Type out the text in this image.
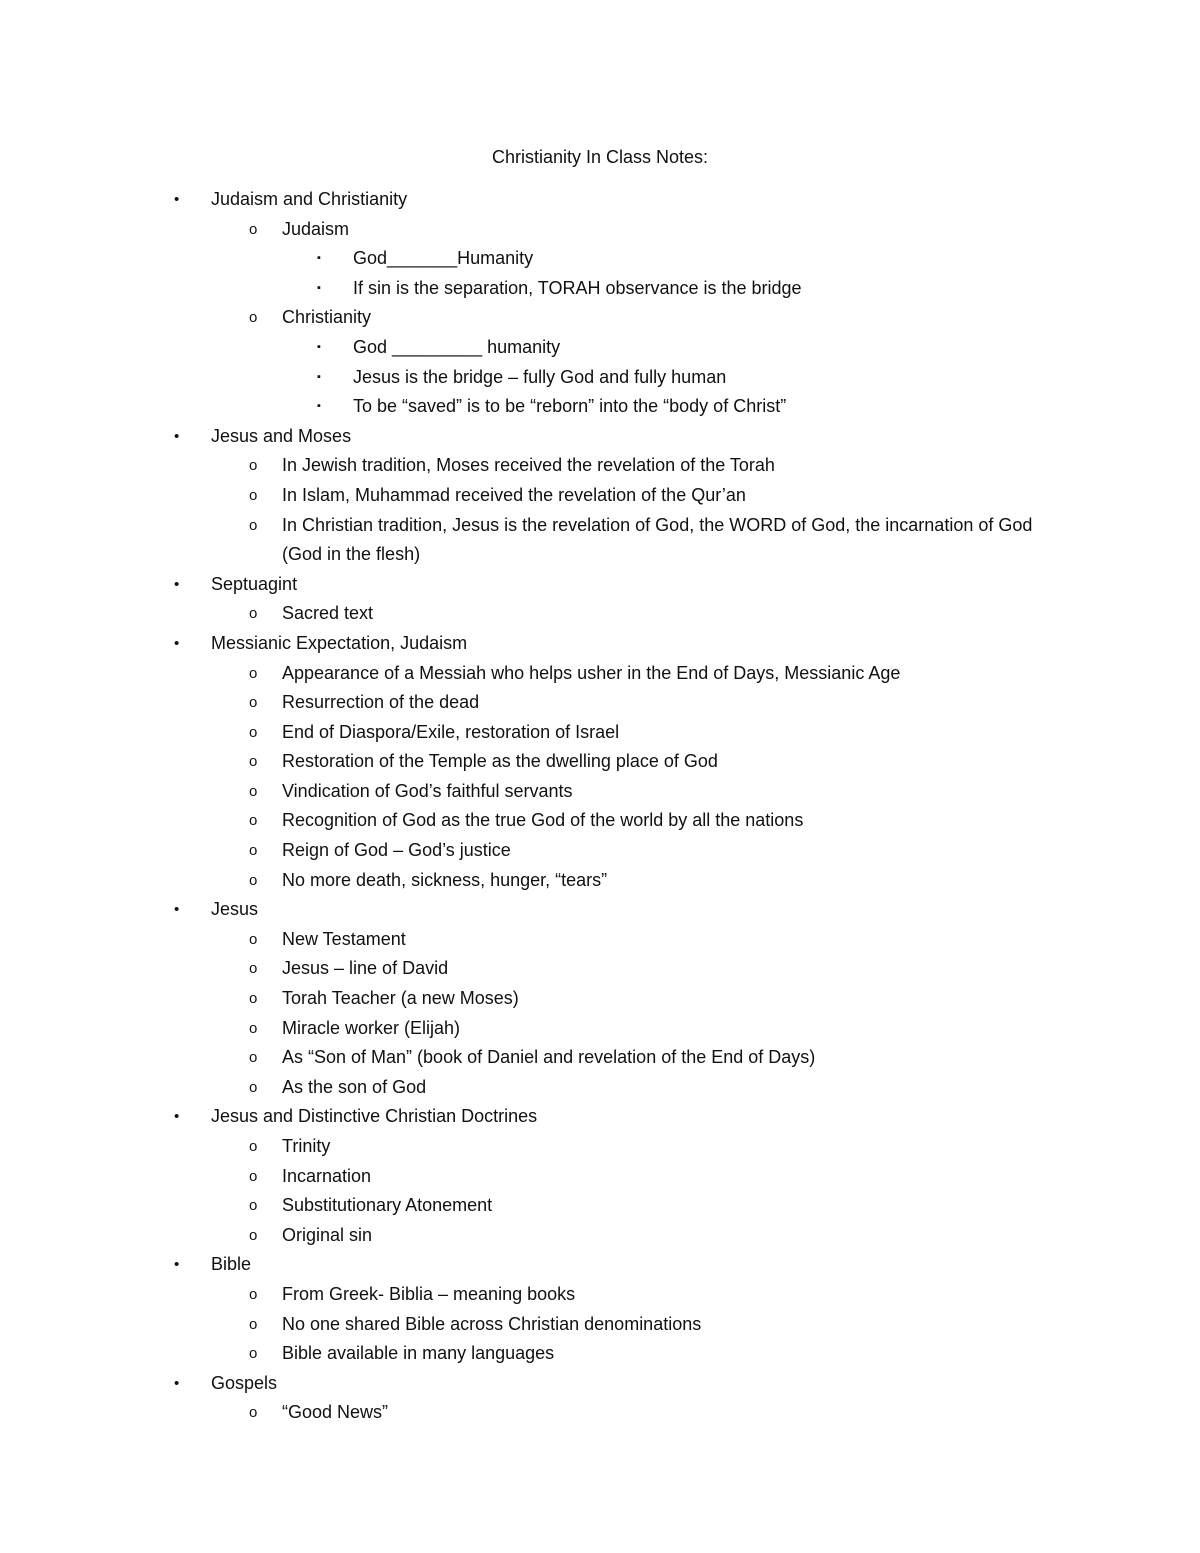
Christianity In Class Notes:
• Judaism and Christianity
o Judaism
▪ God_______Humanity
▪ If sin is the separation, TORAH observance is the bridge
o Christianity
▪ God _________ humanity
▪ Jesus is the bridge – fully God and fully human
▪ To be “saved” is to be “reborn” into the “body of Christ”
• Jesus and Moses
o In Jewish tradition, Moses received the revelation of the Torah
o In Islam, Muhammad received the revelation of the Qur’an
o In Christian tradition, Jesus is the revelation of God, the WORD of God, the incarnation of God (God in the flesh)
• Septuagint
o Sacred text
• Messianic Expectation, Judaism
o Appearance of a Messiah who helps usher in the End of Days, Messianic Age
o Resurrection of the dead
o End of Diaspora/Exile, restoration of Israel
o Restoration of the Temple as the dwelling place of God
o Vindication of God’s faithful servants
o Recognition of God as the true God of the world by all the nations
o Reign of God – God’s justice
o No more death, sickness, hunger, “tears”
• Jesus
o New Testament
o Jesus – line of David
o Torah Teacher (a new Moses)
o Miracle worker (Elijah)
o As “Son of Man” (book of Daniel and revelation of the End of Days)
o As the son of God
• Jesus and Distinctive Christian Doctrines
o Trinity
o Incarnation
o Substitutionary Atonement
o Original sin
• Bible
o From Greek- Biblia – meaning books
o No one shared Bible across Christian denominations
o Bible available in many languages
• Gospels
o “Good News”
